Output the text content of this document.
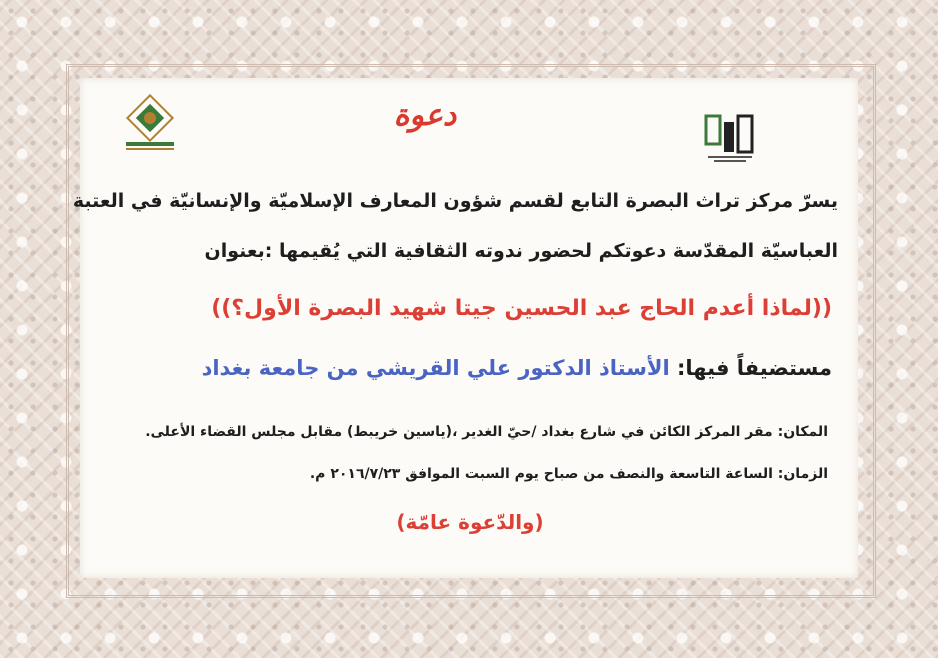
دعوة
يسرّ مركز تراث البصرة التابع لقسم شؤون المعارف الإسلاميّة والإنسانيّة في العتبة
العباسيّة المقدّسة دعوتكم لحضور ندوته الثقافية التي يُقيمها :بعنوان
((لماذا أعدم الحاج عبد الحسين جيتا شهيد البصرة الأول؟))
مستضيفاً فيها: الأستاذ الدكتور علي القريشي من جامعة بغداد
المكان: مقر المركز الكائن في شارع بغداد /حيّ الغدير ،(ياسين خريبط) مقابل مجلس القضاء الأعلى.
الزمان: الساعة التاسعة والنصف من صباح يوم السبت الموافق ٢٠١٦/٧/٢٣ م.
(والدّعوة عامّة)
